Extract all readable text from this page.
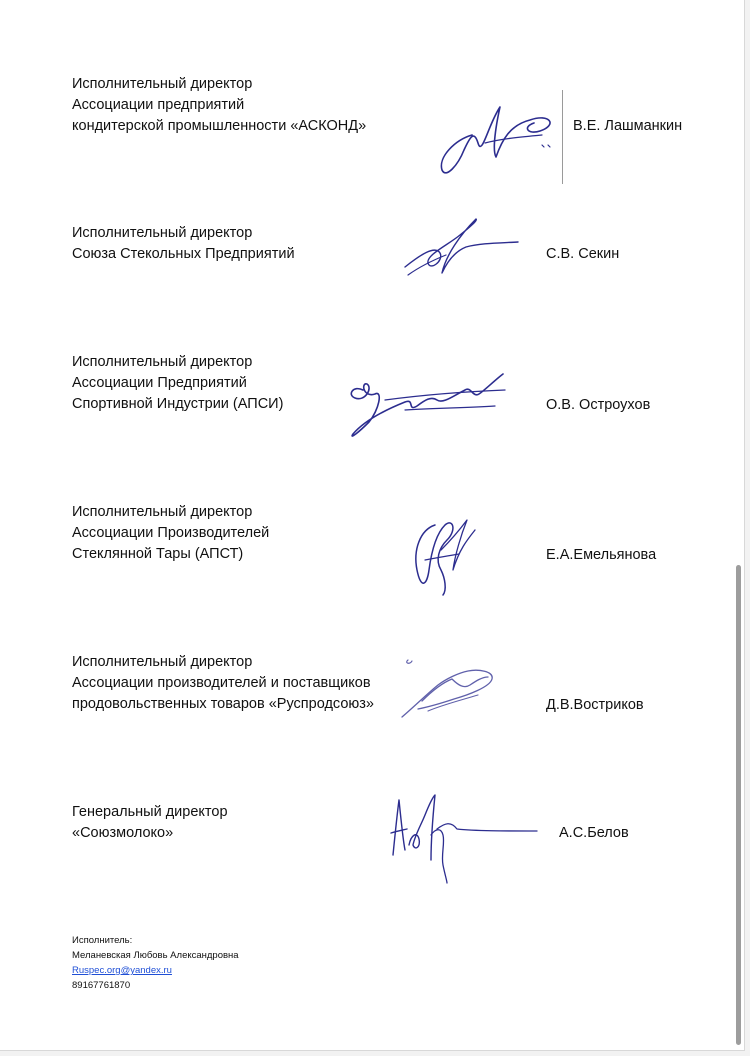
Исполнительный директор
Ассоциации предприятий
кондитерской промышленности «АСКОНД»	В.Е. Лашманкин
Исполнительный директор
Союза Стекольных Предприятий	С.В. Секин
Исполнительный директор
Ассоциации Предприятий
Спортивной Индустрии (АПСИ)	О.В. Остроухов
Исполнительный директор
Ассоциации Производителей
Стеклянной Тары (АПСТ)	Е.А.Емельянова
Исполнительный директор
Ассоциации производителей и поставщиков
продовольственных товаров «Руспродсоюз»	Д.В.Востриков
Генеральный директор
«Союзмолоко»	А.С.Белов
Исполнитель:
Меланевская Любовь Александровна
Ruspec.org@yandex.ru
89167761870
